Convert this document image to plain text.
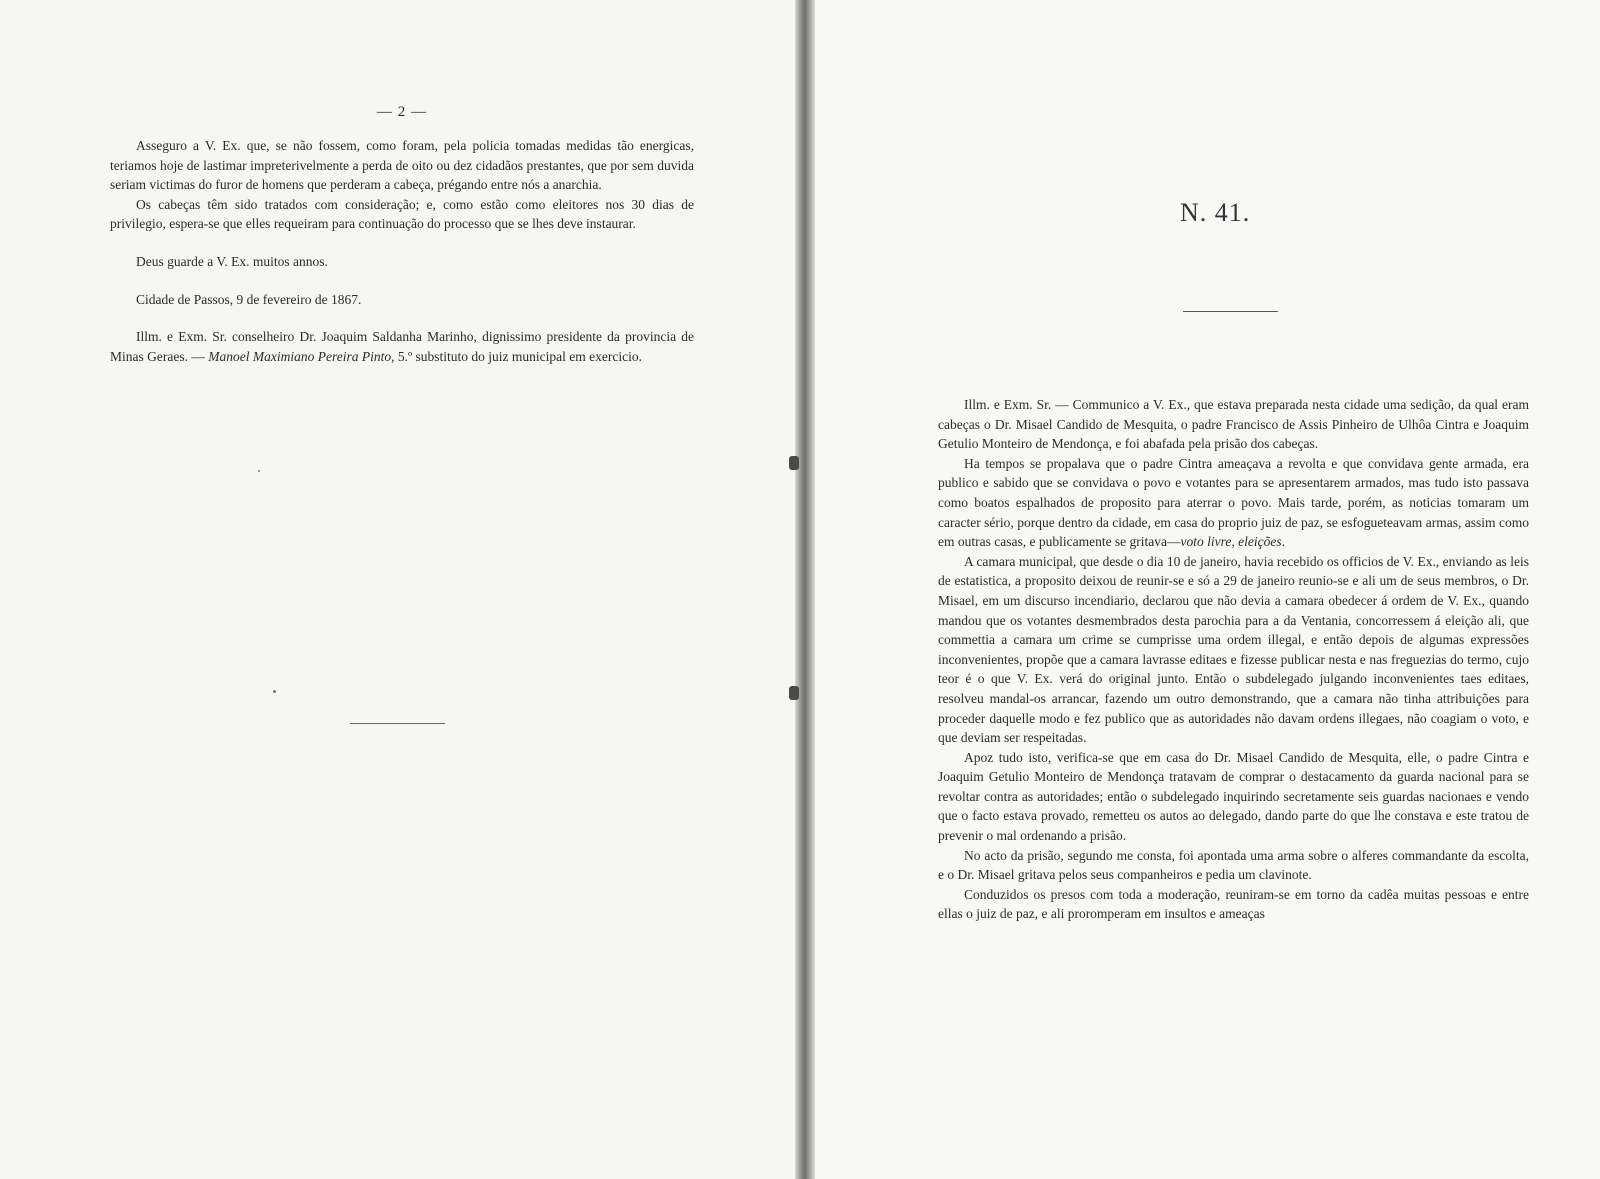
— 2 —

Asseguro a V. Ex. que, se não fossem, como foram, pela policia tomadas medidas tão energicas, teriamos hoje de lastimar impreterivelmente a perda de oito ou dez cidadãos prestantes, que por sem duvida seriam victimas do furor de homens que perderam a cabeça, prégando entre nós a anarchia.

Os cabeças têm sido tratados com consideração; e, como estão como eleitores nos 30 dias de privilegio, espera-se que elles requeiram para continuação do processo que se lhes deve instaurar.

Deus guarde a V. Ex. muitos annos.

Cidade de Passos, 9 de fevereiro de 1867.

Illm. e Exm. Sr. conselheiro Dr. Joaquim Saldanha Marinho, dignissimo presidente da provincia de Minas Geraes. — Manoel Maximiano Pereira Pinto, 5.º substituto do juiz municipal em exercicio.

N. 41.

Illm. e Exm. Sr. — Communico a V. Ex., que estava preparada nesta cidade uma sedição, da qual eram cabeças o Dr. Misael Candido de Mesquita, o padre Francisco de Assis Pinheiro de Ulhôa Cintra e Joaquim Getulio Monteiro de Mendonça, e foi abafada pela prisão dos cabeças.

Ha tempos se propalava que o padre Cintra ameaçava a revolta e que convidava gente armada, era publico e sabido que se convidava o povo e votantes para se apresentarem armados, mas tudo isto passava como boatos espalhados de proposito para aterrar o povo. Mais tarde, porém, as noticias tomaram um caracter sério, porque dentro da cidade, em casa do proprio juiz de paz, se esfogueteavam armas, assim como em outras casas, e publicamente se gritava—voto livre, eleições.

A camara municipal, que desde o dia 10 de janeiro, havia recebido os officios de V. Ex., enviando as leis de estatistica, a proposito deixou de reunir-se e só a 29 de janeiro reunio-se e ali um de seus membros, o Dr. Misael, em um discurso incendiario, declarou que não devia a camara obedecer á ordem de V. Ex., quando mandou que os votantes desmembrados desta parochia para a da Ventania, concorressem á eleição ali, que commettia a camara um crime se cumprisse uma ordem illegal, e então depois de algumas expressões inconvenientes, propõe que a camara lavrasse editaes e fizesse publicar nesta e nas freguezias do termo, cujo teor é o que V. Ex. verá do original junto. Então o subdelegado julgando inconvenientes taes editaes, resolveu mandal-os arrancar, fazendo um outro demonstrando, que a camara não tinha attribuições para proceder daquelle modo e fez publico que as autoridades não davam ordens illegaes, não coagiam o voto, e que deviam ser respeitadas.

Apoz tudo isto, verifica-se que em casa do Dr. Misael Candido de Mesquita, elle, o padre Cintra e Joaquim Getulio Monteiro de Mendonça tratavam de comprar o destacamento da guarda nacional para se revoltar contra as autoridades; então o subdelegado inquirindo secretamente seis guardas nacionaes e vendo que o facto estava provado, remetteu os autos ao delegado, dando parte do que lhe constava e este tratou de prevenir o mal ordenando a prisão.

No acto da prisão, segundo me consta, foi apontada uma arma sobre o alferes commandante da escolta, e o Dr. Misael gritava pelos seus companheiros e pedia um clavinote.

Conduzidos os presos com toda a moderação, reuniram-se em torno da cadêa muitas pessoas e entre ellas o juiz de paz, e ali proromperam em insultos e ameaças
